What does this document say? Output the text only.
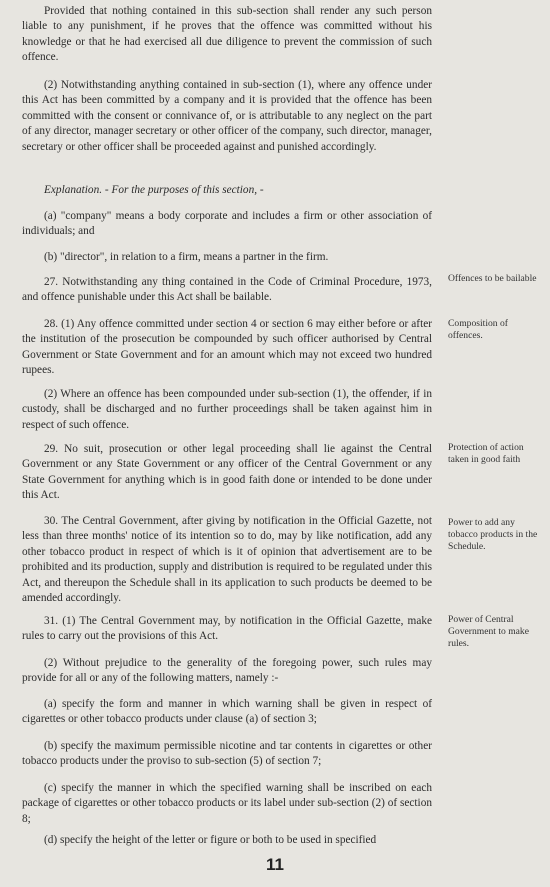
Provided that nothing contained in this sub-section shall render any such person liable to any punishment, if he proves that the offence was committed without his knowledge or that he had exercised all due diligence to prevent the commission of such offence.

(2) Notwithstanding anything contained in sub-section (1), where any offence under this Act has been committed by a company and it is provided that the offence has been committed with the consent or connivance of, or is attributable to any neglect on the part of any director, manager secretary or other officer of the company, such director, manager, secretary or other officer shall be proceeded against and punished accordingly.

Explanation. - For the purposes of this section, -

(a) "company" means a body corporate and includes a firm or other association of individuals; and

(b) "director", in relation to a firm, means a partner in the firm.

27. Notwithstanding any thing contained in the Code of Criminal Procedure, 1973, and offence punishable under this Act shall be bailable.

28. (1) Any offence committed under section 4 or section 6 may either before or after the institution of the prosecution be compounded by such officer authorised by Central Government or State Government and for an amount which may not exceed two hundred rupees.

(2) Where an offence has been compounded under sub-section (1), the offender, if in custody, shall be discharged and no further proceedings shall be taken against him in respect of such offence.

29. No suit, prosecution or other legal proceeding shall lie against the Central Government or any State Government or any officer of the Central Government or any State Government for anything which is in good faith done or intended to be done under this Act.

30. The Central Government, after giving by notification in the Official Gazette, not less than three months' notice of its intention so to do, may by like notification, add any other tobacco product in respect of which is it of opinion that advertisement are to be prohibited and its production, supply and distribution is required to be regulated under this Act, and thereupon the Schedule shall in its application to such products be deemed to be amended accordingly.

31. (1) The Central Government may, by notification in the Official Gazette, make rules to carry out the provisions of this Act.

(2) Without prejudice to the generality of the foregoing power, such rules may provide for all or any of the following matters, namely :-

(a) specify the form and manner in which warning shall be given in respect of cigarettes or other tobacco products under clause (a) of section 3;

(b) specify the maximum permissible nicotine and tar contents in cigarettes or other tobacco products under the proviso to sub-section (5) of section 7;

(c) specify the manner in which the specified warning shall be inscribed on each package of cigarettes or other tobacco products or its label under sub-section (2) of section 8;

(d) specify the height of the letter or figure or both to be used in specified

Offences to be bailable

Composition of offences.

Protection of action taken in good faith

Power to add any tobacco products in the Schedule.

Power of Central Government to make rules.

11
